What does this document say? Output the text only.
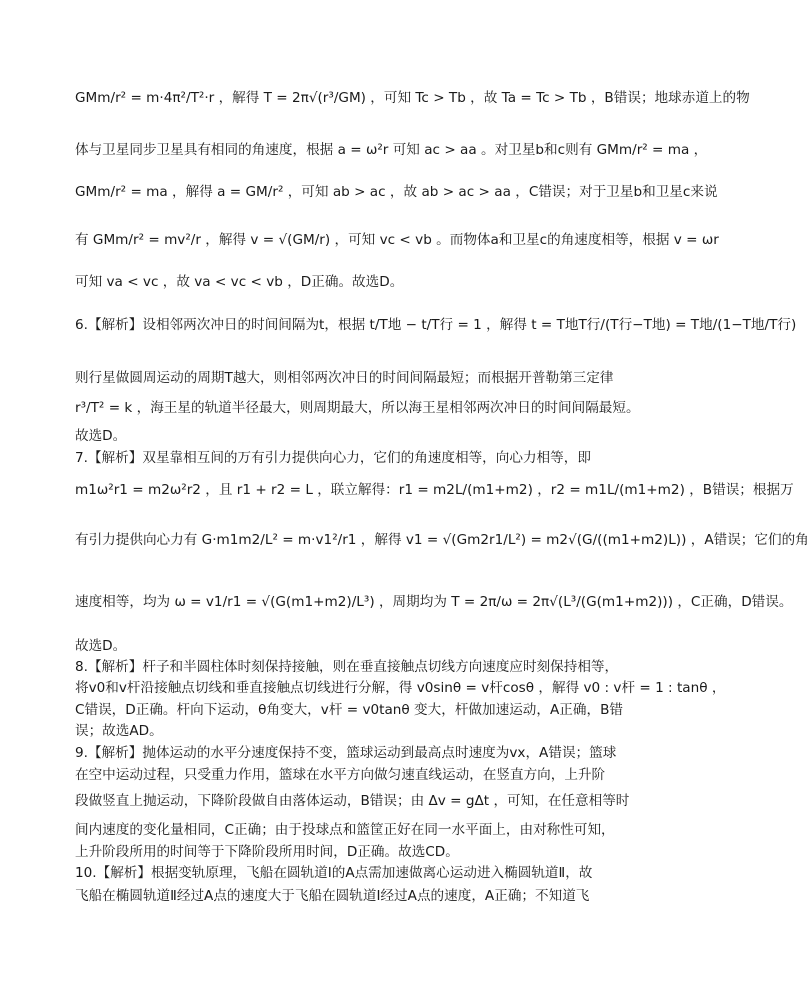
GMm/r² = m·4π²/T²·r ，解得 T = 2π√(r³/GM) ，可知 Tc > Tb ，故 Ta = Tc > Tb ，B错误；地球赤道上的物
体与卫星同步卫星具有相同的角速度，根据 a = ω²r 可知 ac > aa 。对卫星b和c则有 GMm/r² = ma ，
GMm/r² = ma ，解得 a = GM/r² ，可知 ab > ac ，故 ab > ac > aa ，C错误；对于卫星b和卫星c来说
有 GMm/r² = mv²/r ，解得 v = √(GM/r) ，可知 vc < vb 。而物体a和卫星c的角速度相等，根据 v = ωr
可知 va < vc ，故 va < vc < vb ，D正确。故选D。
6.【解析】设相邻两次冲日的时间间隔为t，根据 t/T地 − t/T行 = 1 ，解得 t = T地T行/(T行−T地) = T地/(1−T地/T行)
则行星做圆周运动的周期T越大，则相邻两次冲日的时间间隔最短；而根据开普勒第三定律
r³/T² = k ，海王星的轨道半径最大，则周期最大，所以海王星相邻两次冲日的时间间隔最短。
故选D。
7.【解析】双星靠相互间的万有引力提供向心力，它们的角速度相等，向心力相等，即
m1ω²r1 = m2ω²r2 ，且 r1 + r2 = L ，联立解得：r1 = m2L/(m1+m2) ，r2 = m1L/(m1+m2) ，B错误；根据万
有引力提供向心力有 G·m1m2/L² = m·v1²/r1 ，解得 v1 = √(Gm2r1/L²) = m2√(G/((m1+m2)L)) ，A错误；它们的角
速度相等，均为 ω = v1/r1 = √(G(m1+m2)/L³) ，周期均为 T = 2π/ω = 2π√(L³/(G(m1+m2))) ，C正确，D错误。
故选D。
8.【解析】杆子和半圆柱体时刻保持接触，则在垂直接触点切线方向速度应时刻保持相等，
将v0和v杆沿接触点切线和垂直接触点切线进行分解，得 v0sinθ = v杆cosθ ，解得 v0 : v杆 = 1 : tanθ ，
C错误，D正确。杆向下运动，θ角变大，v杆 = v0tanθ 变大，杆做加速运动，A正确，B错
误；故选AD。
9.【解析】抛体运动的水平分速度保持不变，篮球运动到最高点时速度为vx，A错误；篮球
在空中运动过程，只受重力作用，篮球在水平方向做匀速直线运动，在竖直方向，上升阶
段做竖直上抛运动，下降阶段做自由落体运动，B错误；由 Δv = gΔt ，可知，在任意相等时
间内速度的变化量相同，C正确；由于投球点和篮筐正好在同一水平面上，由对称性可知，
上升阶段所用的时间等于下降阶段所用时间，D正确。故选CD。
10.【解析】根据变轨原理，飞船在圆轨道Ⅰ的A点需加速做离心运动进入椭圆轨道Ⅱ，故
飞船在椭圆轨道Ⅱ经过A点的速度大于飞船在圆轨道Ⅰ经过A点的速度，A正确；不知道飞
